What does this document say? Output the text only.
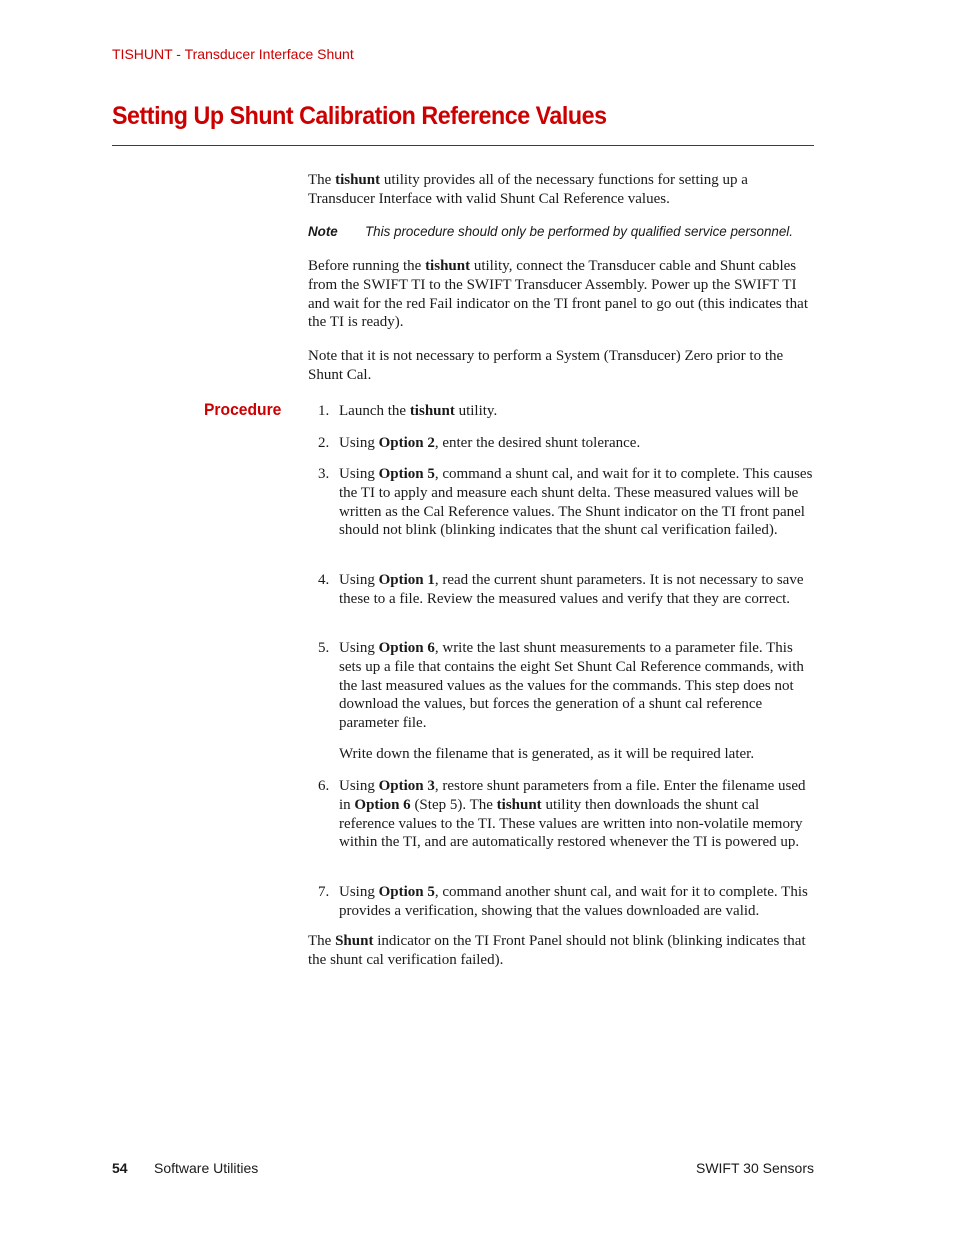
TISHUNT - Transducer Interface Shunt
Setting Up Shunt Calibration Reference Values

The tishunt utility provides all of the necessary functions for setting up a Transducer Interface with valid Shunt Cal Reference values.

Note This procedure should only be performed by qualified service personnel.

Before running the tishunt utility, connect the Transducer cable and Shunt cables from the SWIFT TI to the SWIFT Transducer Assembly. Power up the SWIFT TI and wait for the red Fail indicator on the TI front panel to go out (this indicates that the TI is ready).

Note that it is not necessary to perform a System (Transducer) Zero prior to the Shunt Cal.

Procedure 1. Launch the tishunt utility.
2. Using Option 2, enter the desired shunt tolerance.
3. Using Option 5, command a shunt cal, and wait for it to complete. This causes the TI to apply and measure each shunt delta. These measured values will be written as the Cal Reference values. The Shunt indicator on the TI front panel should not blink (blinking indicates that the shunt cal verification failed).
4. Using Option 1, read the current shunt parameters. It is not necessary to save these to a file. Review the measured values and verify that they are correct.
5. Using Option 6, write the last shunt measurements to a parameter file. This sets up a file that contains the eight Set Shunt Cal Reference commands, with the last measured values as the values for the commands. This step does not download the values, but forces the generation of a shunt cal reference parameter file.
Write down the filename that is generated, as it will be required later.
6. Using Option 3, restore shunt parameters from a file. Enter the filename used in Option 6 (Step 5). The tishunt utility then downloads the shunt cal reference values to the TI. These values are written into non-volatile memory within the TI, and are automatically restored whenever the TI is powered up.
7. Using Option 5, command another shunt cal, and wait for it to complete. This provides a verification, showing that the values downloaded are valid.

The Shunt indicator on the TI Front Panel should not blink (blinking indicates that the shunt cal verification failed).

54 Software Utilities	SWIFT 30 Sensors
